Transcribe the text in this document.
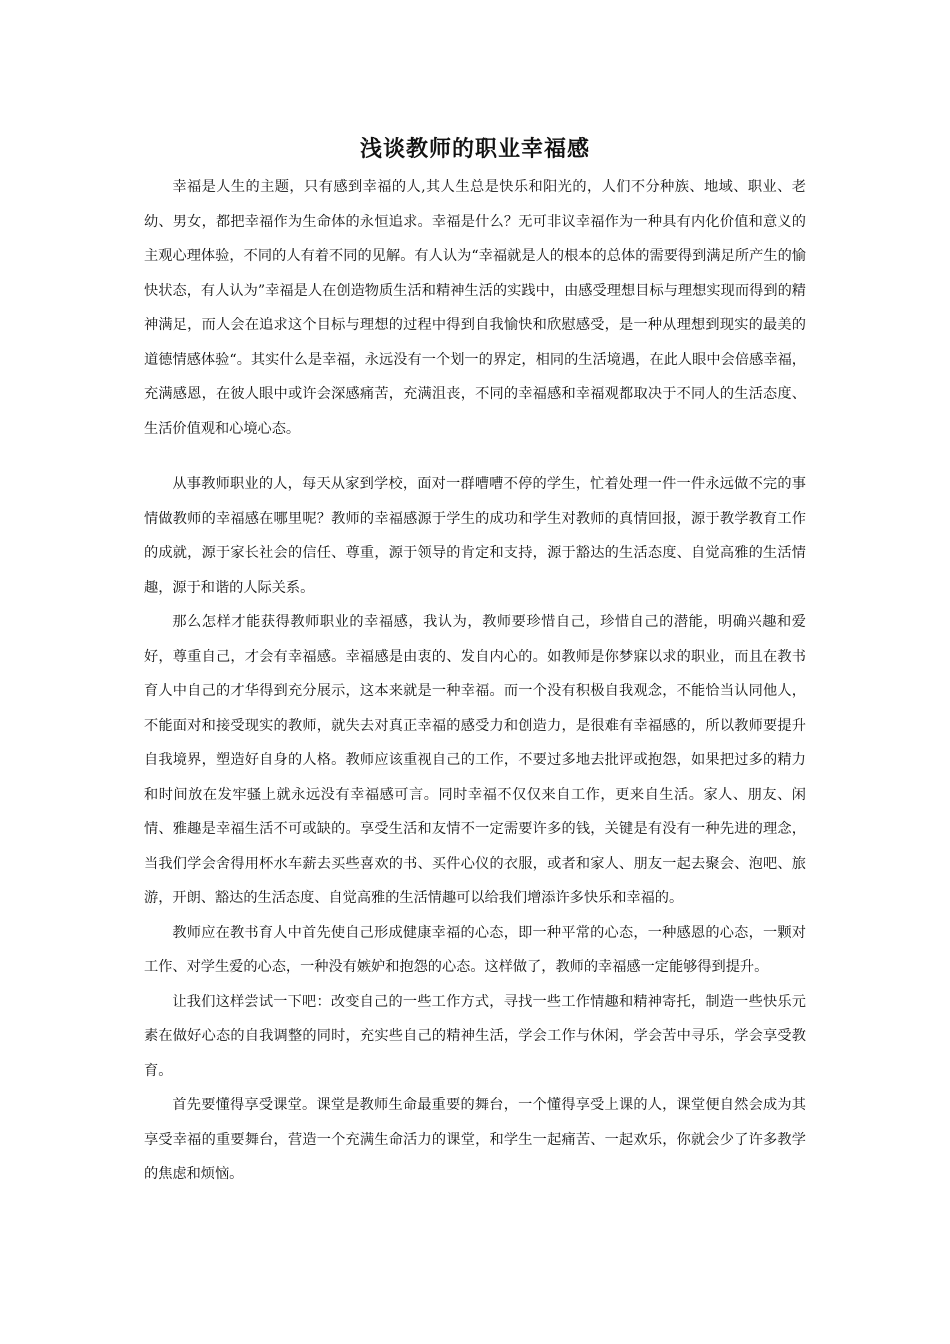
浅谈教师的职业幸福感

幸福是人生的主题，只有感到幸福的人,其人生总是快乐和阳光的，人们不分种族、地域、职业、老幼、男女，都把幸福作为生命体的永恒追求。幸福是什么？无可非议幸福作为一种具有内化价值和意义的主观心理体验，不同的人有着不同的见解。有人认为“幸福就是人的根本的总体的需要得到满足所产生的愉快状态，有人认为”幸福是人在创造物质生活和精神生活的实践中，由感受理想目标与理想实现而得到的精神满足，而人会在追求这个目标与理想的过程中得到自我愉快和欣慰感受，是一种从理想到现实的最美的道德情感体验“。其实什么是幸福，永远没有一个划一的界定，相同的生活境遇，在此人眼中会倍感幸福，充满感恩，在彼人眼中或许会深感痛苦，充满沮丧，不同的幸福感和幸福观都取决于不同人的生活态度、生活价值观和心境心态。

从事教师职业的人，每天从家到学校，面对一群嘈嘈不停的学生，忙着处理一件一件永远做不完的事情做教师的幸福感在哪里呢？教师的幸福感源于学生的成功和学生对教师的真情回报，源于教学教育工作的成就，源于家长社会的信任、尊重，源于领导的肯定和支持，源于豁达的生活态度、自觉高雅的生活情趣，源于和谐的人际关系。

那么怎样才能获得教师职业的幸福感，我认为，教师要珍惜自己，珍惜自己的潜能，明确兴趣和爱好，尊重自己，才会有幸福感。幸福感是由衷的、发自内心的。如教师是你梦寐以求的职业，而且在教书育人中自己的才华得到充分展示，这本来就是一种幸福。而一个没有积极自我观念，不能恰当认同他人，不能面对和接受现实的教师，就失去对真正幸福的感受力和创造力，是很难有幸福感的，所以教师要提升自我境界，塑造好自身的人格。教师应该重视自己的工作，不要过多地去批评或抱怨，如果把过多的精力和时间放在发牢骚上就永远没有幸福感可言。同时幸福不仅仅来自工作，更来自生活。家人、朋友、闲情、雅趣是幸福生活不可或缺的。享受生活和友情不一定需要许多的钱，关键是有没有一种先进的理念，当我们学会舍得用杯水车薪去买些喜欢的书、买件心仪的衣服，或者和家人、朋友一起去聚会、泡吧、旅游，开朗、豁达的生活态度、自觉高雅的生活情趣可以给我们增添许多快乐和幸福的。

教师应在教书育人中首先使自己形成健康幸福的心态，即一种平常的心态，一种感恩的心态，一颗对工作、对学生爱的心态，一种没有嫉妒和抱怨的心态。这样做了，教师的幸福感一定能够得到提升。

让我们这样尝试一下吧：改变自己的一些工作方式，寻找一些工作情趣和精神寄托，制造一些快乐元素在做好心态的自我调整的同时，充实些自己的精神生活，学会工作与休闲，学会苦中寻乐，学会享受教育。

首先要懂得享受课堂。课堂是教师生命最重要的舞台，一个懂得享受上课的人，课堂便自然会成为其享受幸福的重要舞台，营造一个充满生命活力的课堂，和学生一起痛苦、一起欢乐，你就会少了许多教学的焦虑和烦恼。
